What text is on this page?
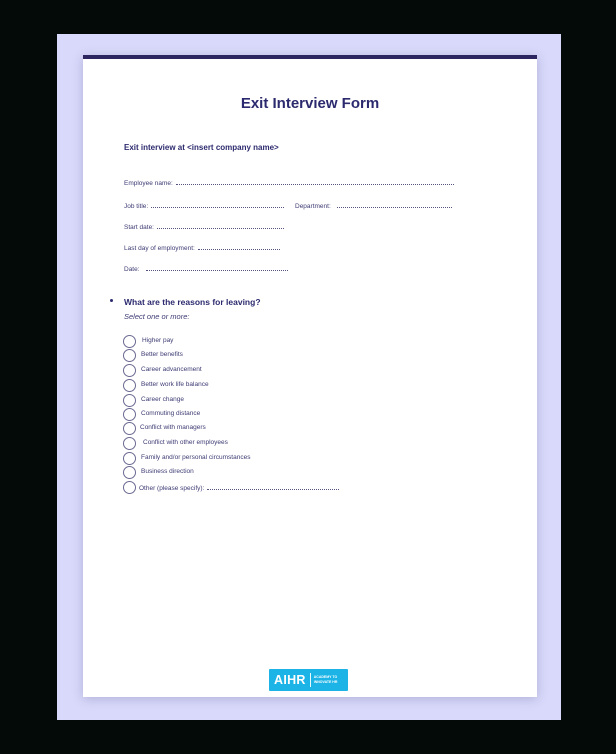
Exit Interview Form
Exit interview at <insert company name>
Employee name:
Job title:	Department:
Start date:
Last day of employment:
Date:
What are the reasons for leaving?
Select one or more:
Higher pay
Better benefits
Career advancement
Better work life balance
Career change
Commuting distance
Conflict with managers
Conflict with other employees
Family and/or personal circumstances
Business direction
Other (please specify):
AIHR	ACADEMY TO INNOVATE HR
